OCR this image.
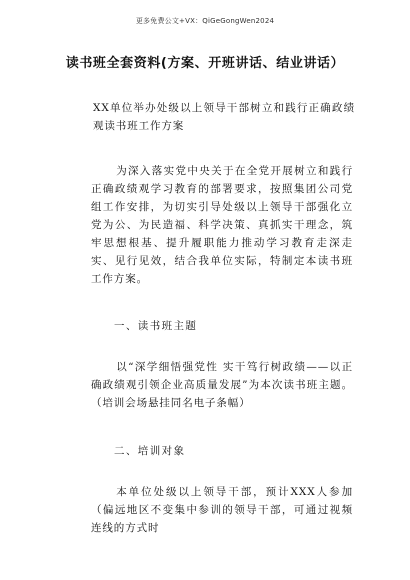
更多免费公文+VX：QiGeGongWen2024
读书班全套资料(方案、开班讲话、结业讲话）

XX单位举办处级以上领导干部树立和践行正确政绩观读书班工作方案

为深入落实党中央关于在全党开展树立和践行正确政绩观学习教育的部署要求，按照集团公司党组工作安排，为切实引导处级以上领导干部强化立党为公、为民造福、科学决策、真抓实干理念，筑牢思想根基、提升履职能力推动学习教育走深走实、见行见效，结合我单位实际，特制定本读书班工作方案。

一、读书班主题

以“深学细悟强党性 实干笃行树政绩——以正确政绩观引领企业高质量发展”为本次读书班主题。（培训会场悬挂同名电子条幅）

二、培训对象

本单位处级以上领导干部，预计XXX人参加（偏远地区不变集中参训的领导干部，可通过视频连线的方式时
